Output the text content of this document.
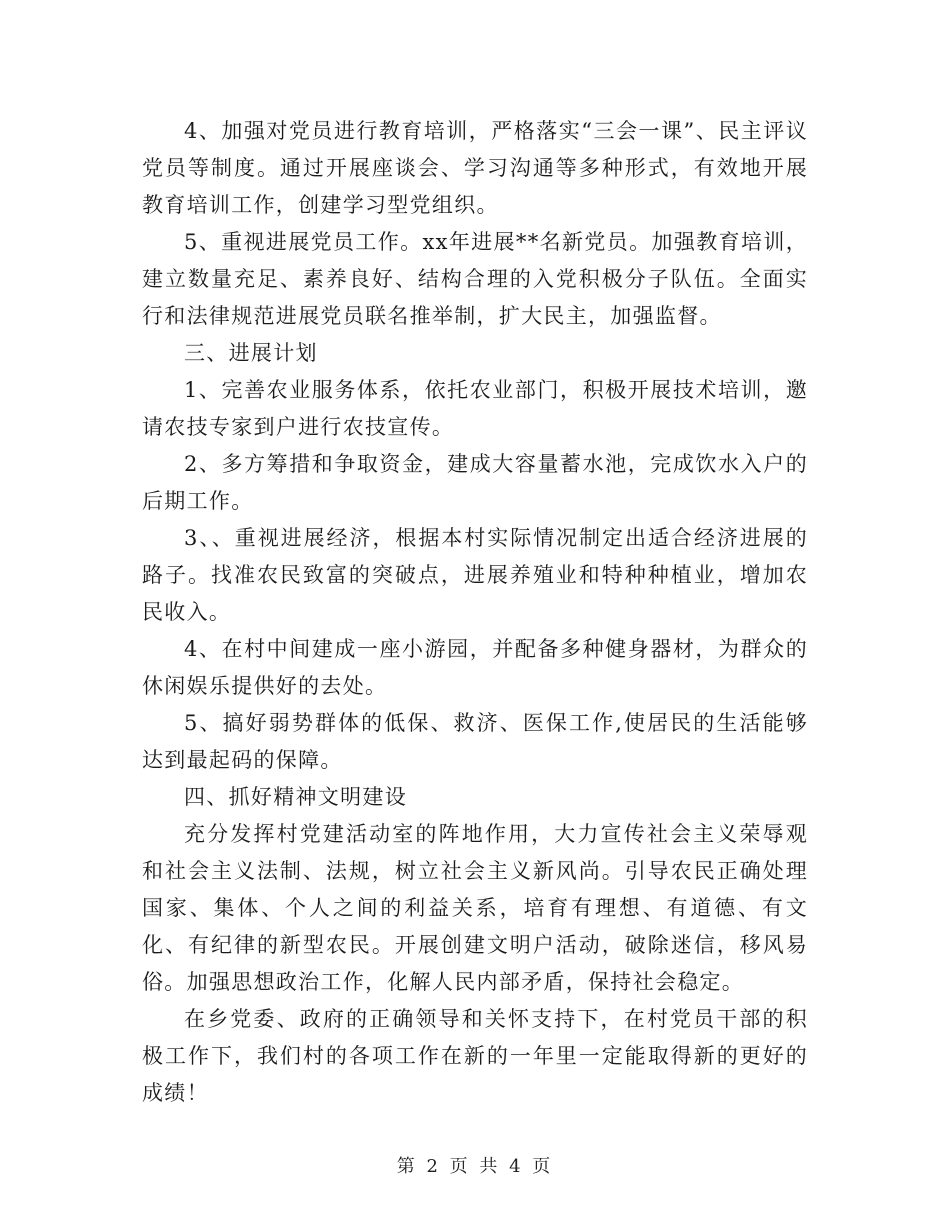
4、加强对党员进行教育培训，严格落实“三会一课”、民主评议党员等制度。通过开展座谈会、学习沟通等多种形式，有效地开展教育培训工作，创建学习型党组织。

5、重视进展党员工作。xx年进展**名新党员。加强教育培训，建立数量充足、素养良好、结构合理的入党积极分子队伍。全面实行和法律规范进展党员联名推举制，扩大民主，加强监督。

三、进展计划

1、完善农业服务体系，依托农业部门，积极开展技术培训，邀请农技专家到户进行农技宣传。

2、多方筹措和争取资金，建成大容量蓄水池，完成饮水入户的后期工作。

3、、重视进展经济，根据本村实际情况制定出适合经济进展的路子。找准农民致富的突破点，进展养殖业和特种种植业，增加农民收入。

4、在村中间建成一座小游园，并配备多种健身器材，为群众的休闲娱乐提供好的去处。

5、搞好弱势群体的低保、救济、医保工作,使居民的生活能够达到最起码的保障。

四、抓好精神文明建设

充分发挥村党建活动室的阵地作用，大力宣传社会主义荣辱观和社会主义法制、法规，树立社会主义新风尚。引导农民正确处理国家、集体、个人之间的利益关系，培育有理想、有道德、有文化、有纪律的新型农民。开展创建文明户活动，破除迷信，移风易俗。加强思想政治工作，化解人民内部矛盾，保持社会稳定。

在乡党委、政府的正确领导和关怀支持下，在村党员干部的积极工作下，我们村的各项工作在新的一年里一定能取得新的更好的成绩！

第 2 页 共 4 页
